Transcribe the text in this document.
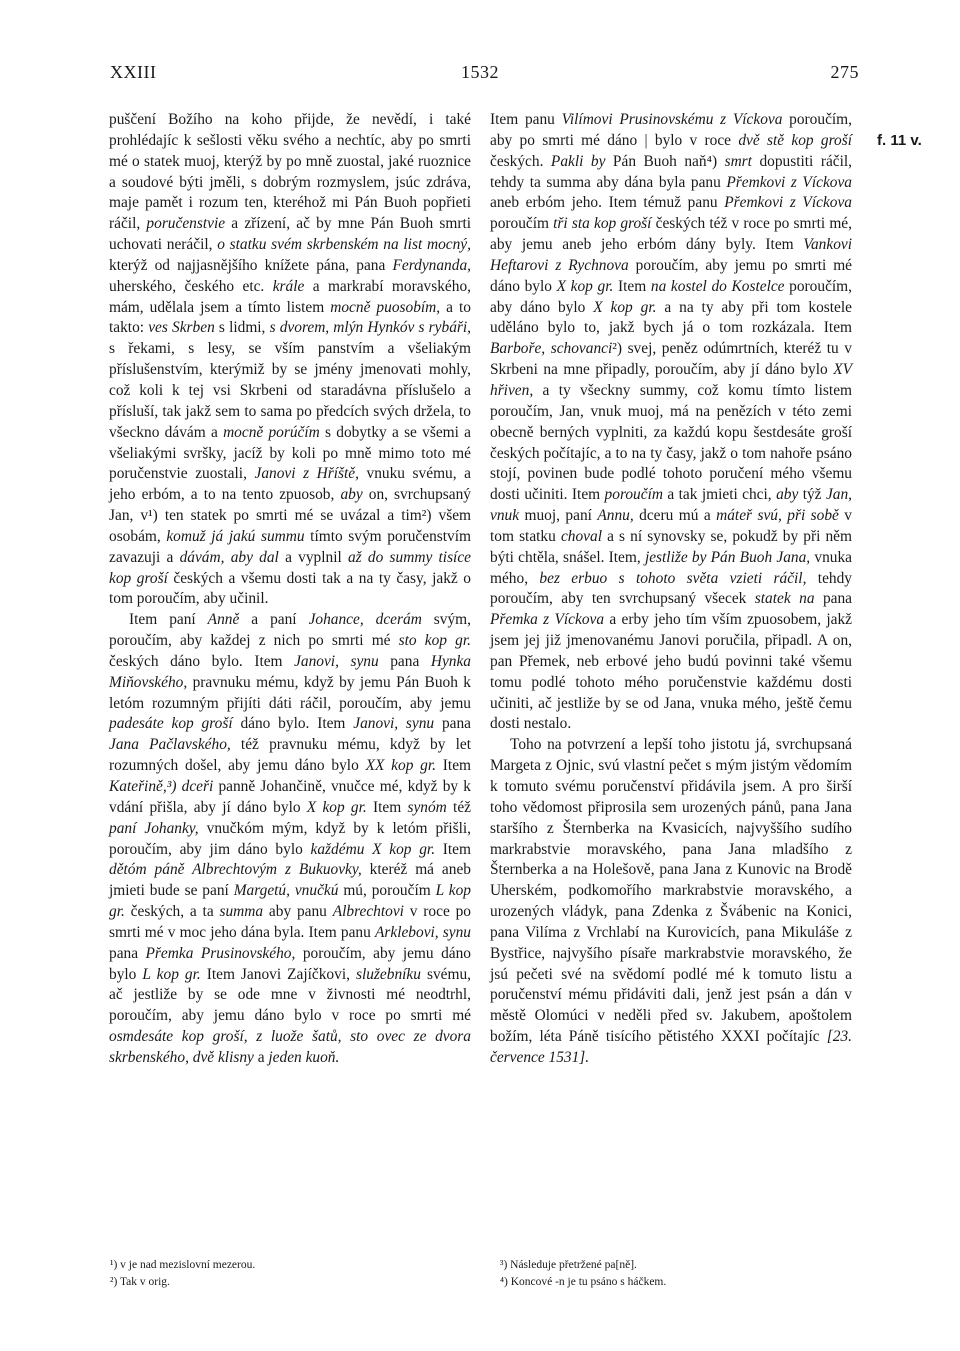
XXIII	1532	275

puščení Božího na koho přijde, že nevědí, i také prohlédajíc k sešlosti věku svého a nechtíc, aby po smrti mé o statek muoj, kterýž by po mně zuostal, jaké ruoznice a soudové býti jměli, s dobrým rozmyslem, jsúc zdráva, maje pamět i rozum ten, kteréhož mi Pán Buoh popřieti ráčil, poručenstvie a zřízení, ač by mne Pán Buoh smrti uchovati neráčil, o statku svém skrbenském na list mocný, kterýž od najjasnějšího knížete pána, pana Ferdynanda, uherského, českého etc. krále a markrabí moravského, mám, udělala jsem a tímto listem mocně puosobím, a to takto: ves Skrben s lidmi, s dvorem, mlýn Hynkóv s rybáři, s řekami, s lesy, se vším panstvím a všeliakým příslušenstvím, kterýmiž by se jmény jmenovati mohly, což koli k tej vsi Skrbeni od staradávna příslušelo a přísluší, tak jakž sem to sama po předcích svých držela, to všeckno dávám a mocně porúčím s dobytky a se všemi a všeliakými svršky, jacíž by koli po mně mimo toto mé poručenstvie zuostali, Janovi z Hříště, vnuku svému, a jeho erbóm, a to na tento zpuosob, aby on, svrchupsaný Jan, v¹) ten statek po smrti mé se uvázal a tim²) všem osobám, komuž já jakú summu tímto svým poručenstvím zavazuji a dávám, aby dal a vyplnil až do summy tisíce kop groší českých a všemu dosti tak a na ty časy, jakž o tom poroučím, aby učinil.

Item paní Anně a paní Johance, dcerám svým, poroučím, aby každej z nich po smrti mé sto kop gr. českých dáno bylo. Item Janovi, synu pana Hynka Miňovského, pravnuku mému, když by jemu Pán Buoh k letóm rozumným přijíti dáti ráčil, poroučím, aby jemu padesáte kop groší dáno bylo. Item Janovi, synu pana Jana Pačlavského, též pravnuku mému, když by let rozumných došel, aby jemu dáno bylo XX kop gr. Item Kateřině,³) dceři panně Johančině, vnučce mé, když by k vdání přišla, aby jí dáno bylo X kop gr. Item synóm též paní Johanky, vnučkóm mým, když by k letóm přišli, poroučím, aby jim dáno bylo každému X kop gr. Item dětóm páně Albrechtovým z Bukuovky, kteréž má aneb jmieti bude se paní Margetú, vnučkú mú, poroučím L kop gr. českých, a ta summa aby panu Albrechtovi v roce po smrti mé v moc jeho dána byla. Item panu Arklebovi, synu pana Přemka Prusinovského, poroučím, aby jemu dáno bylo L kop gr. Item Janovi Zajíčkovi, služebníku svému, ač jestliže by se ode mne v živnosti mé neodtrhl, poroučím, aby jemu dáno bylo v roce po smrti mé osmdesáte kop groší, z luože šatů, sto ovec ze dvora skrbenského, dvě klisny a jeden kuoň.

Item panu Vilímovi Prusinovskému z Víckova poroučím, aby po smrti mé dáno | bylo v roce dvě stě kop groší českých. Pakli by Pán Buoh naň⁴) smrt dopustiti ráčil, tehdy ta summa aby dána byla panu Přemkovi z Víckova aneb erbóm jeho. Item témuž panu Přemkovi z Víckova poroučím tři sta kop groší českých též v roce po smrti mé, aby jemu aneb jeho erbóm dány byly. Item Vankovi Heftarovi z Rychnova poroučím, aby jemu po smrti mé dáno bylo X kop gr. Item na kostel do Kostelce poroučím, aby dáno bylo X kop gr. a na ty aby při tom kostele uděláno bylo to, jakž bych já o tom rozkázala. Item Barboře, schovanci²) svej, peněz odúmrtních, kteréž tu v Skrbeni na mne připadly, poroučím, aby jí dáno bylo XV hřiven, a ty všeckny summy, což komu tímto listem poroučím, Jan, vnuk muoj, má na penězích v této zemi obecně berných vyplniti, za každú kopu šestdesáte groší českých počítajíc, a to na ty časy, jakž o tom nahoře psáno stojí, povinen bude podlé tohoto poručení mého všemu dosti učiniti. Item poroučím a tak jmieti chci, aby týž Jan, vnuk muoj, paní Annu, dceru mú a máteř svú, při sobě v tom statku choval a s ní synovsky se, pokudž by při něm býti chtěla, snášel. Item, jestliže by Pán Buoh Jana, vnuka mého, bez erbuo s tohoto světa vzieti ráčil, tehdy poroučím, aby ten svrchupsaný všecek statek na pana Přemka z Víckova a erby jeho tím vším zpuosobem, jakž jsem jej již jmenovanému Janovi poručila, připadl. A on, pan Přemek, neb erbové jeho budú povinni také všemu tomu podlé tohoto mého poručenstvie každému dosti učiniti, ač jestliže by se od Jana, vnuka mého, ještě čemu dosti nestalo.

Toho na potvrzení a lepší toho jistotu já, svrchupsaná Margeta z Ojnic, svú vlastní pečet s mým jistým vědomím k tomuto svému poručenství přidávila jsem. A pro širší toho vědomost připrosila sem urozených pánů, pana Jana staršího z Šternberka na Kvasicích, najvyššího sudího markrabstvie moravského, pana Jana mladšího z Šternberka a na Holešově, pana Jana z Kunovic na Brodě Uherském, podkomořího markrabstvie moravského, a urozených vládyk, pana Zdenka z Švábenic na Konici, pana Vilíma z Vrchlabí na Kurovicích, pana Mikuláše z Bystřice, najvyšího písaře markrabstvie moravského, že jsú pečeti své na svědomí podlé mé k tomuto listu a poručenství mému přidáviti dali, jenž jest psán a dán v městě Olomúci v neděli před sv. Jakubem, apoštolem božím, léta Páně tisícího pětistého XXXI počítajíc [23. července 1531].

f. 11 v.
¹) v je nad mezislovní mezerou.
²) Tak v orig.
³) Následuje přetržené pa[ně].
⁴) Koncové -n je tu psáno s háčkem.
